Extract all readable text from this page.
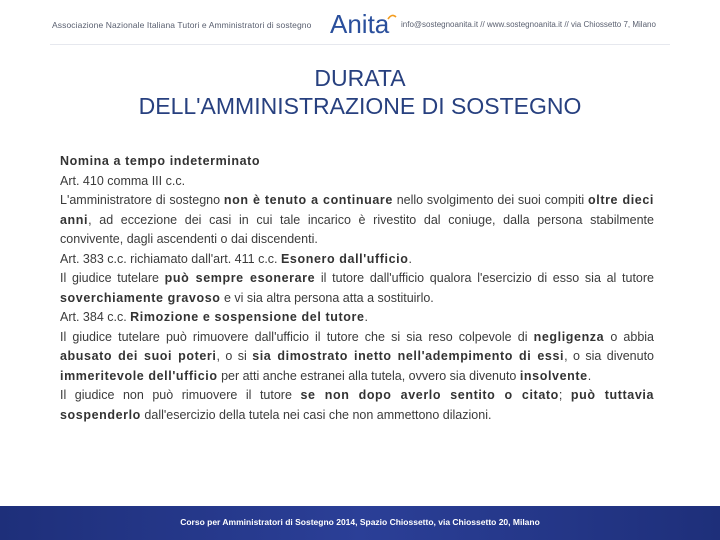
Associazione Nazionale Italiana Tutori e Amministratori di sostegno Anita info@sostegnoanita.it // www.sostegnoanita.it // via Chiossetto 7, Milano
DURATA
DELL'AMMINISTRAZIONE DI SOSTEGNO

Nomina a tempo indeterminato

Art. 410 comma III c.c.

L'amministratore di sostegno non è tenuto a continuare nello svolgimento dei suoi compiti oltre dieci anni, ad eccezione dei casi in cui tale incarico è rivestito dal coniuge, dalla persona stabilmente convivente, dagli ascendenti o dai discendenti.

Art. 383 c.c. richiamato dall'art. 411 c.c. Esonero dall'ufficio.

Il giudice tutelare può sempre esonerare il tutore dall'ufficio qualora l'esercizio di esso sia al tutore soverchiamente gravoso e vi sia altra persona atta a sostituirlo.

Art. 384 c.c. Rimozione e sospensione del tutore.

Il giudice tutelare può rimuovere dall'ufficio il tutore che si sia reso colpevole di negligenza o abbia abusato dei suoi poteri, o si sia dimostrato inetto nell'adempimento di essi, o sia divenuto immeritevole dell'ufficio per atti anche estranei alla tutela, ovvero sia divenuto insolvente.

Il giudice non può rimuovere il tutore se non dopo averlo sentito o citato; può tuttavia sospenderlo dall'esercizio della tutela nei casi che non ammettono dilazioni.

Corso per Amministratori di Sostegno 2014, Spazio Chiossetto, via Chiossetto 20, Milano
